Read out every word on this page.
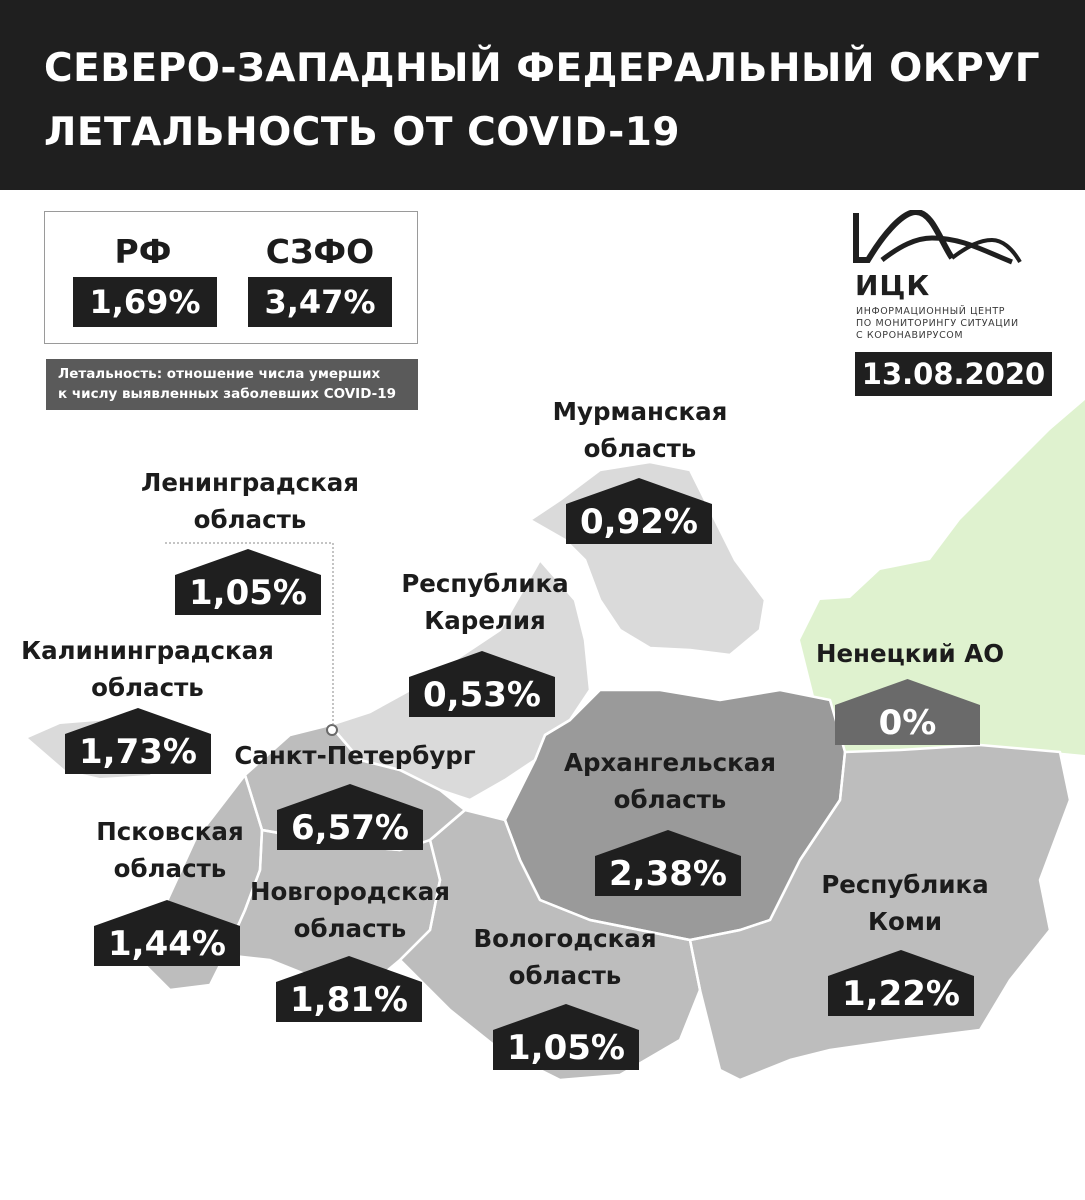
СЕВЕРО-ЗАПАДНЫЙ ФЕДЕРАЛЬНЫЙ ОКРУГ
ЛЕТАЛЬНОСТЬ ОТ COVID-19
РФ
1,69%
СЗФО
3,47%
Летальность: отношение числа умерших
к числу выявленных заболевших COVID-19
ИЦК
ИНФОРМАЦИОННЫЙ ЦЕНТР
ПО МОНИТОРИНГУ СИТУАЦИИ
С КОРОНАВИРУСОМ
13.08.2020
Мурманская
область
Ленинградская
область
Республика
Карелия
Ненецкий АО
Калининградская
область
Санкт-Петербург	Архангельская
область
Псковская
область
Новгородская
область
Республика
Коми
Вологодская
область
0,92%
1,05%
0,53%
0%
1,73%
6,57%
2,38%
1,44%
1,81%	1,22%
1,05%
